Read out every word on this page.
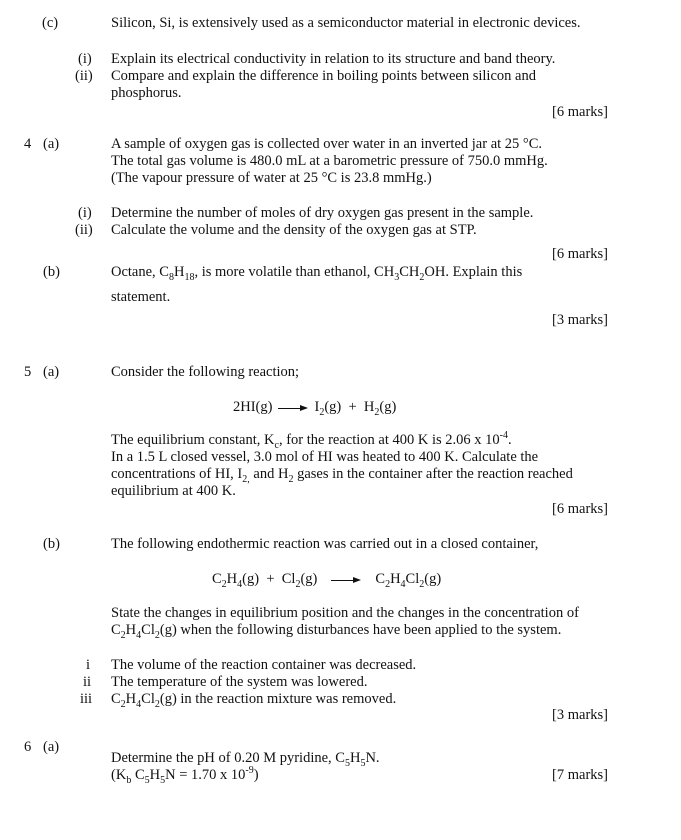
(c)	Silicon, Si, is extensively used as a semiconductor material in electronic devices.
(i) Explain its electrical conductivity in relation to its structure and band theory.
(ii) Compare and explain the difference in boiling points between silicon and
phosphorus.
[6 marks]
4 (a)	A sample of oxygen gas is collected over water in an inverted jar at 25 °C.
The total gas volume is 480.0 mL at a barometric pressure of 750.0 mmHg.
(The vapour pressure of water at 25 °C is 23.8 mmHg.)
(i) Determine the number of moles of dry oxygen gas present in the sample.
(ii) Calculate the volume and the density of the oxygen gas at STP.
[6 marks]
(b)	Octane, $C_8H_{18}$, is more volatile than ethanol, $CH_3CH_2OH$. Explain this
statement.
[3 marks]
5 (a)	Consider the following reaction;
2HI(g)	$I_2(g) + H_2(g)$
The equilibrium constant, $K_c$, for the reaction at 400 K is 2.06 x $10^{-4}$.
In a 1.5 L closed vessel, 3.0 mol of HI was heated to 400 K. Calculate the
concentrations of HI, $I_{2,}$ and $H_2$ gases in the container after the reaction reached
equilibrium at 400 K.
[6 marks]
(b)	The following endothermic reaction was carried out in a closed container,
$C_2H_4(g) + Cl_2(g)$	$C_2H_4Cl_2(g)$
State the changes in equilibrium position and the changes in the concentration of
$C_2H_4Cl_2(g)$ when the following disturbances have been applied to the system.
i The volume of the reaction container was decreased.
ii The temperature of the system was lowered.
iii $C_2H_4Cl_2(g)$ in the reaction mixture was removed.
[3 marks]
6 (a)
Determine the pH of 0.20 M pyridine, $C_5H_5N$.
($K_b$ $C_5H_5N = 1.70$ x $10^{-9}$)	[7 marks]
